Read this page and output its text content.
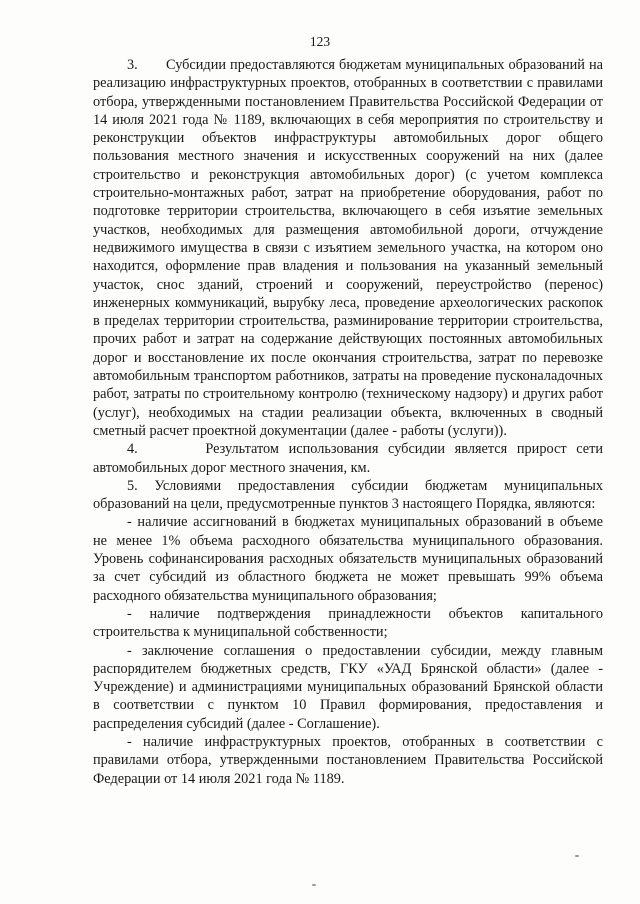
123

3.       Субсидии предоставляются бюджетам муниципальных образований на реализацию инфраструктурных проектов, отобранных в соответствии с правилами отбора, утвержденными постановлением Правительства Российской Федерации от 14 июля 2021 года № 1189, включающих в себя мероприятия по строительству и реконструкции объектов инфраструктуры автомобильных дорог общего пользования местного значения и искусственных сооружений на них (далее строительство и реконструкция автомобильных дорог) (с учетом комплекса строительно-монтажных работ, затрат на приобретение оборудования, работ по подготовке территории строительства, включающего в себя изъятие земельных участков, необходимых для размещения автомобильной дороги, отчуждение недвижимого имущества в связи с изъятием земельного участка, на котором оно находится, оформление прав владения и пользования на указанный земельный участок, снос зданий, строений и сооружений, переустройство (перенос) инженерных коммуникаций, вырубку леса, проведение археологических раскопок в пределах территории строительства, разминирование территории строительства, прочих работ и затрат на содержание действующих постоянных автомобильных дорог и восстановление их после окончания строительства, затрат по перевозке автомобильным транспортом работников, затраты на проведение пусконаладочных работ, затраты по строительному контролю (техническому надзору) и других работ (услуг), необходимых на стадии реализации объекта, включенных в сводный сметный расчет проектной документации (далее - работы (услуги)).

4.       Результатом использования субсидии является прирост сети автомобильных дорог местного значения, км.

5. Условиями предоставления субсидии бюджетам муниципальных образований на цели, предусмотренные пунктов 3 настоящего Порядка, являются:

- наличие ассигнований в бюджетах муниципальных образований в объеме не менее 1% объема расходного обязательства муниципального образования. Уровень софинансирования расходных обязательств муниципальных образований за счет субсидий из областного бюджета не может превышать 99% объема расходного обязательства муниципального образования;

- наличие подтверждения принадлежности объектов капитального строительства к муниципальной собственности;

- заключение соглашения о предоставлении субсидии, между главным распорядителем бюджетных средств, ГКУ «УАД Брянской области» (далее - Учреждение) и администрациями муниципальных образований Брянской области в соответствии с пунктом 10 Правил формирования, предоставления и распределения субсидий (далее - Соглашение).

- наличие инфраструктурных проектов, отобранных в соответствии с правилами отбора, утвержденными постановлением Правительства Российской Федерации от 14 июля 2021 года № 1189.
